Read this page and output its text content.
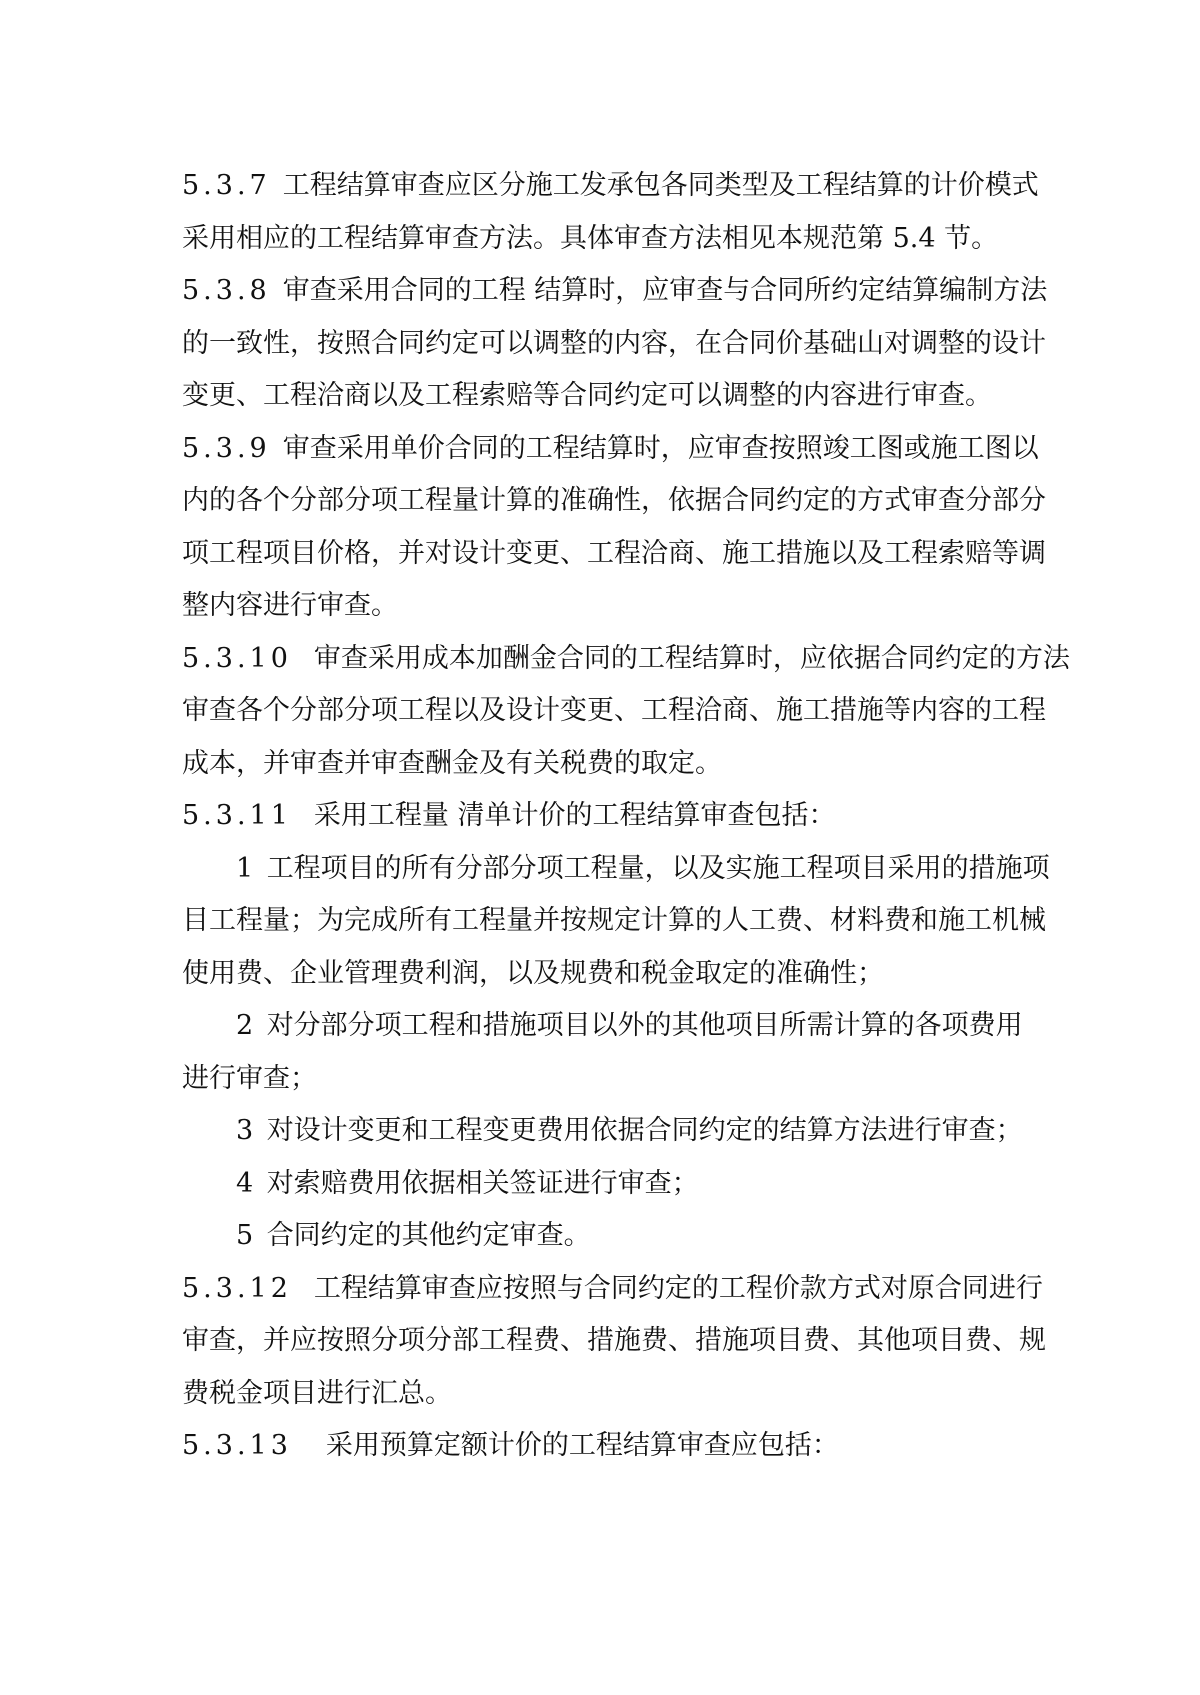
5.3.7 工程结算审查应区分施工发承包各同类型及工程结算的计价模式
采用相应的工程结算审查方法。具体审查方法相见本规范第 5.4 节。
5.3.8 审查采用合同的工程 结算时，应审查与合同所约定结算编制方法
的一致性，按照合同约定可以调整的内容，在合同价基础山对调整的设计
变更、工程洽商以及工程索赔等合同约定可以调整的内容进行审查。
5.3.9 审查采用单价合同的工程结算时，应审查按照竣工图或施工图以
内的各个分部分项工程量计算的准确性，依据合同约定的方式审查分部分
项工程项目价格，并对设计变更、工程洽商、施工措施以及工程索赔等调
整内容进行审查。
5.3.10 审查采用成本加酬金合同的工程结算时，应依据合同约定的方法
审查各个分部分项工程以及设计变更、工程洽商、施工措施等内容的工程
成本，并审查并审查酬金及有关税费的取定。
5.3.11 采用工程量 清单计价的工程结算审查包括：
1  工程项目的所有分部分项工程量，以及实施工程项目采用的措施项
目工程量；为完成所有工程量并按规定计算的人工费、材料费和施工机械
使用费、企业管理费利润，以及规费和税金取定的准确性；
2  对分部分项工程和措施项目以外的其他项目所需计算的各项费用
进行审查；
3  对设计变更和工程变更费用依据合同约定的结算方法进行审查；
4  对索赔费用依据相关签证进行审查；
5  合同约定的其他约定审查。
5.3.12 工程结算审查应按照与合同约定的工程价款方式对原合同进行
审查，并应按照分项分部工程费、措施费、措施项目费、其他项目费、规
费税金项目进行汇总。
5.3.13 采用预算定额计价的工程结算审查应包括：
